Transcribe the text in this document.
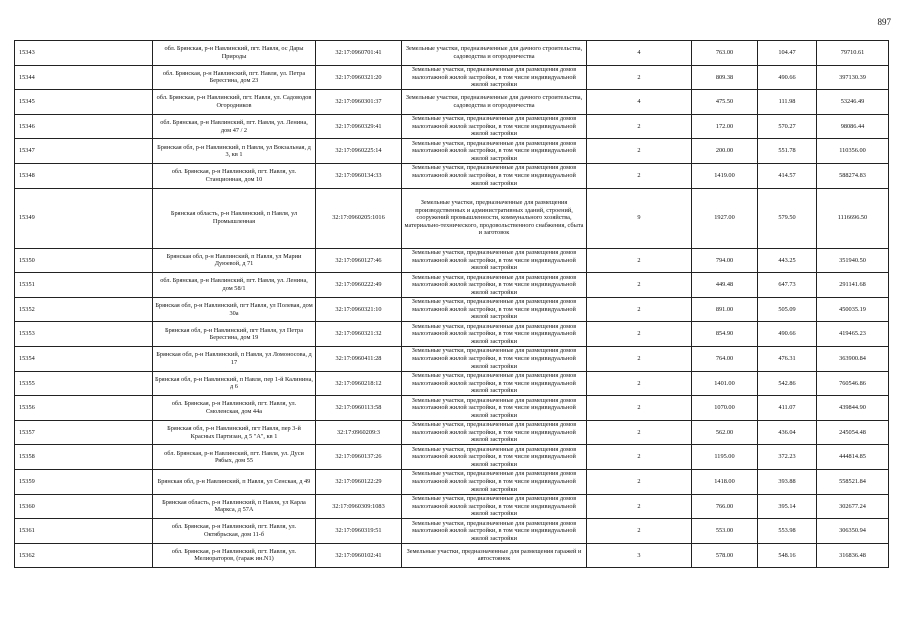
897
15343	обл. Брянская, р-н Навлинский, пгт. Навля, ос Дары Природы	32:17:0960701:41	Земельные участки, предназначенные для дачного строительства, садоводства и огородничества	4	763.00	104.47	79710.61
15344	обл. Брянская, р-н Навлинский, пгт. Навля, ул. Петра Бересгина, дом 23	32:17:0960321:20	Земельные участки, предназначенные для размещения домов малоэтажной жилой застройки, в том числе индивидуальной жилой застройки	2	809.38	490.66	397130.39
15345	обл. Брянская, р-н Навлинский, пгт. Навля, ул. Садоводов Огородников	32:17:0960301:37	Земельные участки, предназначенные для дачного строительства, садоводства и огородничества	4	475.50	111.98	53246.49
15346	обл. Брянская, р-н Навлинский, пгт. Навля, ул. Ленина, дом 47 / 2	32:17:0960329:41	Земельные участки, предназначенные для размещения домов малоэтажной жилой застройки, в том числе индивидуальной жилой застройки	2	172.00	570.27	98086.44
15347	Брянская обл, р-н Навлинский, п Навля, ул Вокзальная, д 3, кв 1	32:17:0960225:14	Земельные участки, предназначенные для размещения домов малоэтажной жилой застройки, в том числе индивидуальной жилой застройки	2	200.00	551.78	110356.00
15348	обл. Брянская, р-н Навлинский, пгт. Навля, ул. Станционная, дом 10	32:17:0960134:33	Земельные участки, предназначенные для размещения домов малоэтажной жилой застройки, в том числе индивидуальной жилой застройки	2	1419.00	414.57	588274.83
15349	Брянская область, р-н Навлинский, п Навля, ул Промышленная	32:17:0960205:1016	Земельные участки, предназначенные для размещения производственных и административных зданий, строений, сооружений промышленности, коммунального хозяйства, материально-технического, продовольственного снабжения, сбыта и заготовок	9	1927.00	579.50	1116696.50
15350	Брянская обл, р-н Навлинский, п Навля, ул Марии Дуюевой, д 71	32:17:0960127:46	Земельные участки, предназначенные для размещения домов малоэтажной жилой застройки, в том числе индивидуальной жилой застройки	2	794.00	443.25	351940.50
15351	обл. Брянская, р-н Навлинский, пгт. Навля, ул. Ленина, дом 58/1	32:17:0960222:49	Земельные участки, предназначенные для размещения домов малоэтажной жилой застройки, в том числе индивидуальной жилой застройки	2	449.48	647.73	291141.68
15352	Брянская обл, р-н Навлинский, пгт Навля, ул Полевая, дом 30а	32:17:0960321:10	Земельные участки, предназначенные для размещения домов малоэтажной жилой застройки, в том числе индивидуальной жилой застройки	2	891.00	505.09	450035.19
15353	Брянская обл, р-н Навлинский, пгт Навля, ул Петра Бересгина, дом 19	32:17:0960321:32	Земельные участки, предназначенные для размещения домов малоэтажной жилой застройки, в том числе индивидуальной жилой застройки	2	854.90	490.66	419465.23
15354	Брянская обл, р-н Навлинский, п Навля, ул Ломоносова, д 17	32:17:0960411:28	Земельные участки, предназначенные для размещения домов малоэтажной жилой застройки, в том числе индивидуальной жилой застройки	2	764.00	476.31	363900.84
15355	Брянская обл, р-н Навлинский, п Навля, пер 1-й Калинина, д 6	32:17:0960218:12	Земельные участки, предназначенные для размещения домов малоэтажной жилой застройки, в том числе индивидуальной жилой застройки	2	1401.00	542.86	760546.86
15356	обл. Брянская, р-н Навлинский, пгт. Навля, ул. Смоленская, дом 44а	32:17:0960113:58	Земельные участки, предназначенные для размещения домов малоэтажной жилой застройки, в том числе индивидуальной жилой застройки	2	1070.00	411.07	439844.90
15357	Брянская обл, р-н Навлинский, пгт Навля, пер 3-й Красных Партизан, д 5 "А", кв 1	32:17:0960209:3	Земельные участки, предназначенные для размещения домов малоэтажной жилой застройки, в том числе индивидуальной жилой застройки	2	562.00	436.04	245054.48
15358	обл. Брянская, р-н Навлинский, пгт. Навля, ул. Дуси Рябых, дом 55	32:17:0960137:26	Земельные участки, предназначенные для размещения домов малоэтажной жилой застройки, в том числе индивидуальной жилой застройки	2	1195.00	372.23	444814.85
15359	Брянская обл, р-н Навлинский, п Навля, ул Сенская, д 49	32:17:0960122:29	Земельные участки, предназначенные для размещения домов малоэтажной жилой застройки, в том числе индивидуальной жилой застройки	2	1418.00	393.88	558521.84
15360	Брянская область, р-н Навлинский, п Навля, ул Карла Маркса, д 57А	32:17:0960309:1083	Земельные участки, предназначенные для размещения домов малоэтажной жилой застройки, в том числе индивидуальной жилой застройки	2	766.00	395.14	302677.24
15361	обл. Брянская, р-н Навлинский, пгт. Навля, ул. Октябрьская, дом 11-б	32:17:0960319:51	Земельные участки, предназначенные для размещения домов малоэтажной жилой застройки, в том числе индивидуальной жилой застройки	2	553.00	553.98	306350.94
15362	обл. Брянская, р-н Навлинский, пгт. Навля, ул. Мелиораторов, (гараж ин.N1)	32:17:0960102:41	Земельные участки, предназначенные для размещения гаражей и автостоянок	3	578.00	548.16	316836.48
